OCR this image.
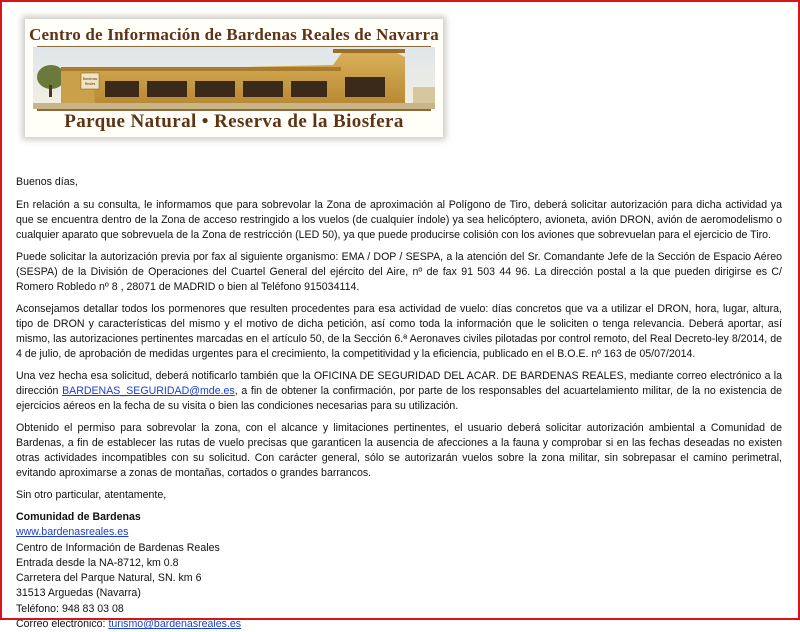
Centro de Información de Bardenas Reales de Navarra
Bardenas
Reales
Parque Natural • Reserva de la Biosfera

Buenos días,

En relación a su consulta, le informamos que para sobrevolar la Zona de aproximación al Polígono de Tiro, deberá solicitar autorización para dicha actividad ya que se encuentra dentro de la Zona de acceso restringido a los vuelos (de cualquier índole) ya sea helicóptero, avioneta, avión DRON, avión de aeromodelismo o cualquier aparato que sobrevuela de la Zona de restricción (LED 50), ya que puede producirse colisión con los aviones que sobrevuelan para el ejercicio de Tiro.

Puede solicitar la autorización previa por fax al siguiente organismo: EMA / DOP / SESPA, a la atención del Sr. Comandante Jefe de la Sección de Espacio Aéreo (SESPA) de la División de Operaciones del Cuartel General del ejército del Aire, nº de fax 91 503 44 96. La dirección postal a la que pueden dirigirse es C/ Romero Robledo nº 8 , 28071 de MADRID o bien al Teléfono 915034114.

Aconsejamos detallar todos los pormenores que resulten procedentes para esa actividad de vuelo: días concretos que va a utilizar el DRON, hora, lugar, altura, tipo de DRON y características del mismo y el motivo de dicha petición, así como toda la información que le soliciten o tenga relevancia. Deberá aportar, así mismo, las autorizaciones pertinentes marcadas en el artículo 50, de la Sección 6.ª Aeronaves civiles pilotadas por control remoto, del Real Decreto-ley 8/2014, de 4 de julio, de aprobación de medidas urgentes para el crecimiento, la competitividad y la eficiencia, publicado en el B.O.E. nº 163 de 05/07/2014.

Una vez hecha esa solicitud, deberá notificarlo también que la OFICINA DE SEGURIDAD DEL ACAR. DE BARDENAS REALES, mediante correo electrónico a la dirección BARDENAS_SEGURIDAD@mde.es, a fin de obtener la confirmación, por parte de los responsables del acuartelamiento militar, de la no existencia de ejercicios aéreos en la fecha de su visita o bien las condiciones necesarias para su utilización.

Obtenido el permiso para sobrevolar la zona, con el alcance y limitaciones pertinentes, el usuario deberá solicitar autorización ambiental a Comunidad de Bardenas, a fin de establecer las rutas de vuelo precisas que garanticen la ausencia de afecciones a la fauna y comprobar si en las fechas deseadas no existen otras actividades incompatibles con su solicitud. Con carácter general, sólo se autorizarán vuelos sobre la zona militar, sin sobrepasar el camino perimetral, evitando aproximarse a zonas de montañas, cortados o grandes barrancos.

Sin otro particular, atentamente,

Comunidad de Bardenas
www.bardenasreales.es
Centro de Información de Bardenas Reales
Entrada desde la NA-8712, km 0.8
Carretera del Parque Natural, SN. km 6
31513 Arguedas (Navarra)
Teléfono: 948 83 03 08
Correo electrónico: turismo@bardenasreales.es
